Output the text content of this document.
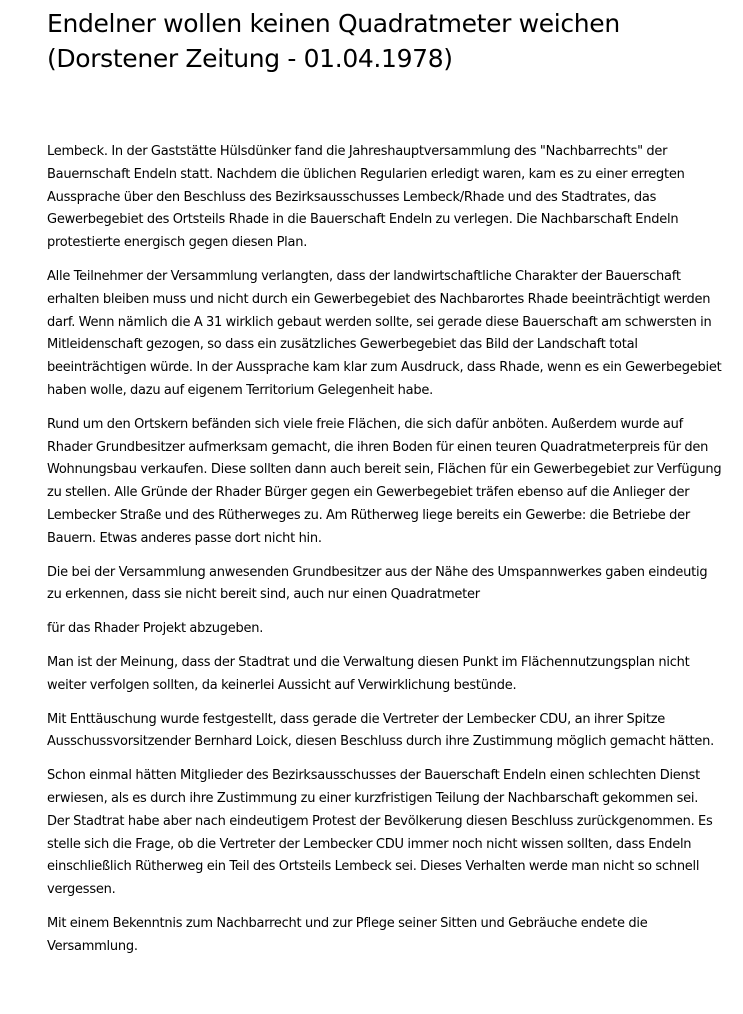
Endelner wollen keinen Quadratmeter weichen
(Dorstener Zeitung - 01.04.1978)

Lembeck. In der Gaststätte Hülsdünker fand die Jahreshauptversammlung des "Nachbarrechts" der Bauernschaft Endeln statt. Nachdem die üblichen Regularien erledigt waren, kam es zu einer erregten Aussprache über den Beschluss des Bezirksausschusses Lembeck/Rhade und des Stadtrates, das Gewerbegebiet des Ortsteils Rhade in die Bauerschaft Endeln zu verlegen. Die Nachbarschaft Endeln protestierte energisch gegen diesen Plan.

Alle Teilnehmer der Versammlung verlangten, dass der landwirtschaftliche Charakter der Bauerschaft erhalten bleiben muss und nicht durch ein Gewerbegebiet des Nachbarortes Rhade beeinträchtigt werden darf. Wenn nämlich die A 31 wirklich gebaut werden sollte, sei gerade diese Bauerschaft am schwersten in Mitleidenschaft gezogen, so dass ein zusätzliches Gewerbegebiet das Bild der Landschaft total beeinträchtigen würde. In der Aussprache kam klar zum Ausdruck, dass Rhade, wenn es ein Gewerbegebiet haben wolle, dazu auf eigenem Territorium Gelegenheit habe.

Rund um den Ortskern befänden sich viele freie Flächen, die sich dafür anböten. Außerdem wurde auf Rhader Grundbesitzer aufmerksam gemacht, die ihren Boden für einen teuren Quadratmeterpreis für den Wohnungsbau verkaufen. Diese sollten dann auch bereit sein, Flächen für ein Gewerbegebiet zur Verfügung zu stellen. Alle Gründe der Rhader Bürger gegen ein Gewerbegebiet träfen ebenso auf die Anlieger der Lembecker Straße und des Rütherweges zu. Am Rütherweg liege bereits ein Gewerbe: die Betriebe der Bauern. Etwas anderes passe dort nicht hin.

Die bei der Versammlung anwesenden Grundbesitzer aus der Nähe des Umspannwerkes gaben eindeutig zu erkennen, dass sie nicht bereit sind, auch nur einen Quadratmeter

für das Rhader Projekt abzugeben.

Man ist der Meinung, dass der Stadtrat und die Verwaltung diesen Punkt im Flächennutzungsplan nicht weiter verfolgen sollten, da keinerlei Aussicht auf Verwirklichung bestünde.

Mit Enttäuschung wurde festgestellt, dass gerade die Vertreter der Lembecker CDU, an ihrer Spitze Ausschussvorsitzender Bernhard Loick, diesen Beschluss durch ihre Zustimmung möglich gemacht hätten.

Schon einmal hätten Mitglieder des Bezirksausschusses der Bauerschaft Endeln einen schlechten Dienst erwiesen, als es durch ihre Zustimmung zu einer kurzfristigen Teilung der Nachbarschaft gekommen sei. Der Stadtrat habe aber nach eindeutigem Protest der Bevölkerung diesen Beschluss zurückgenommen. Es stelle sich die Frage, ob die Vertreter der Lembecker CDU immer noch nicht wissen sollten, dass Endeln einschließlich Rütherweg ein Teil des Ortsteils Lembeck sei. Dieses Verhalten werde man nicht so schnell vergessen.

Mit einem Bekenntnis zum Nachbarrecht und zur Pflege seiner Sitten und Gebräuche endete die Versammlung.
